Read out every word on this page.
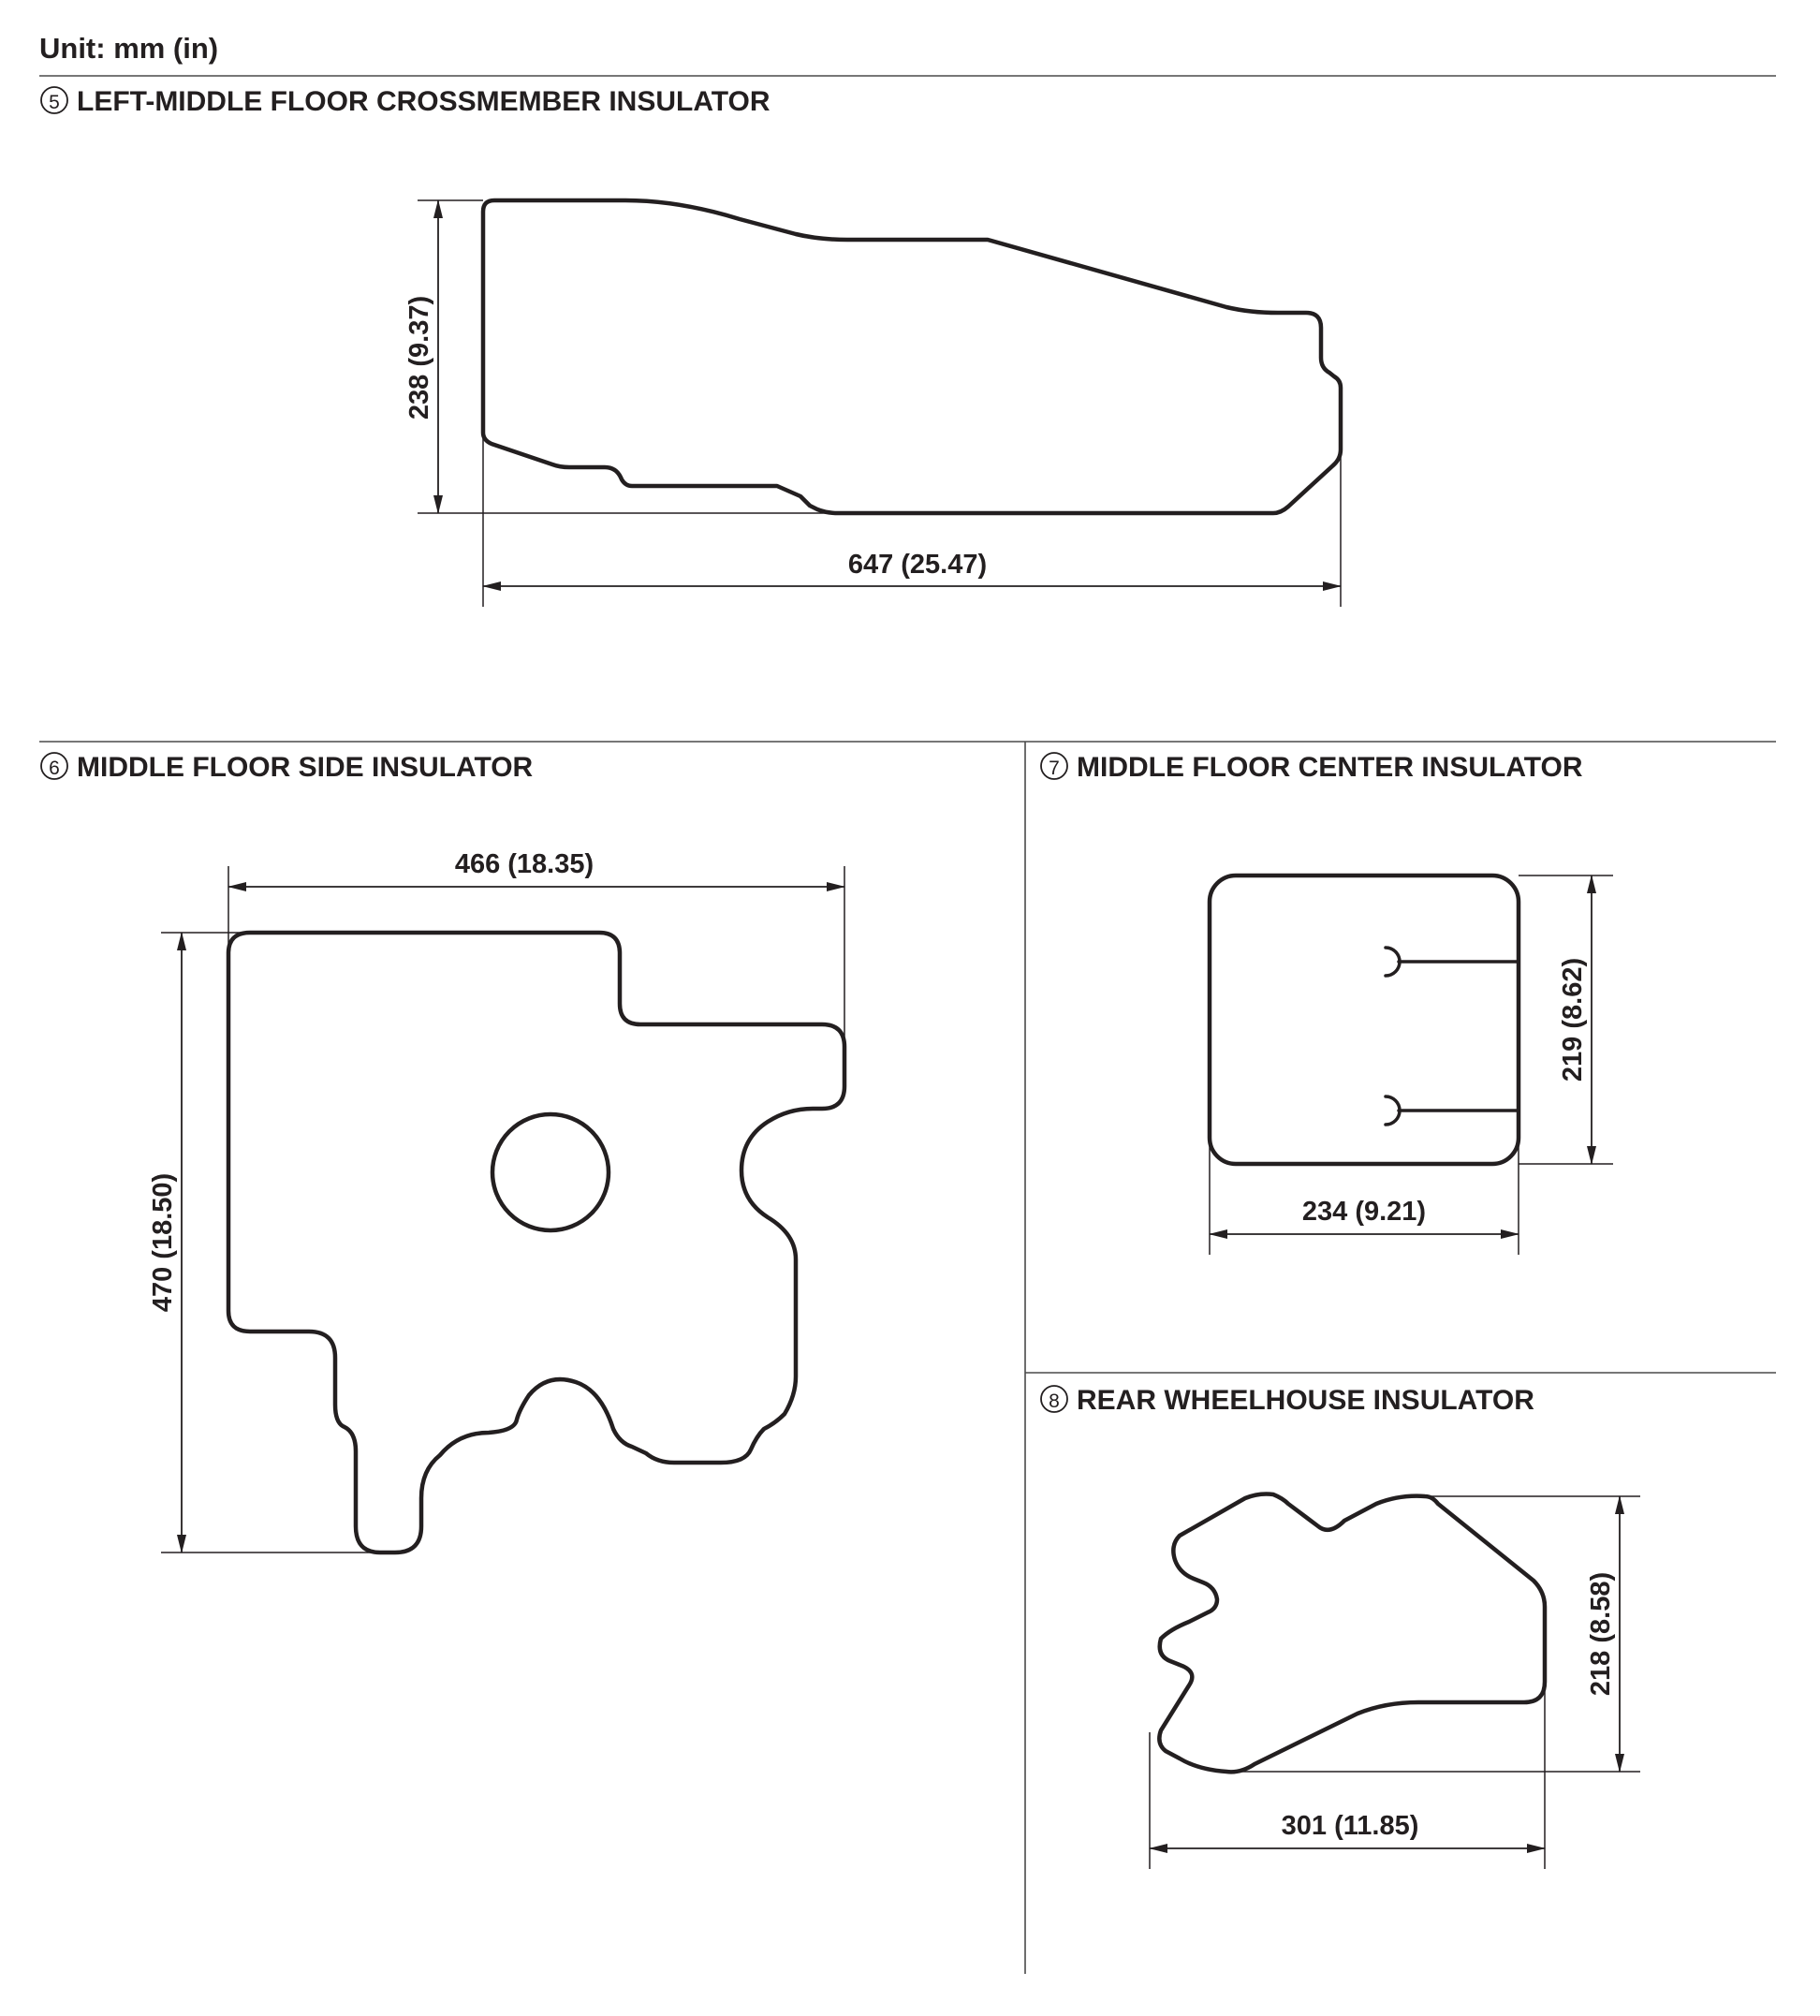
Unit: mm (in)
5 LEFT-MIDDLE FLOOR CROSSMEMBER INSULATOR
238 (9.37)
647 (25.47)
6 MIDDLE FLOOR SIDE INSULATOR
466 (18.35)
470 (18.50)
7 MIDDLE FLOOR CENTER INSULATOR
219 (8.62)
234 (9.21)
8 REAR WHEELHOUSE INSULATOR
218 (8.58)
301 (11.85)
